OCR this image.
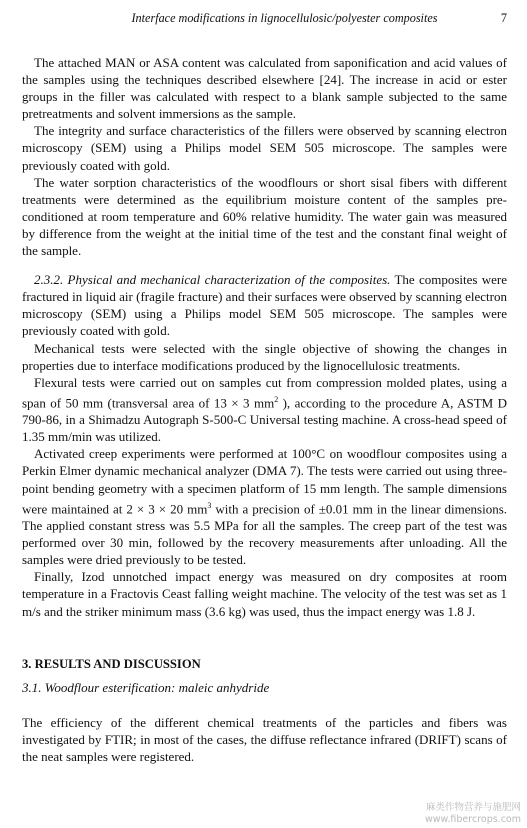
Interface modifications in lignocellulosic/polyester composites	7

The attached MAN or ASA content was calculated from saponification and acid values of the samples using the techniques described elsewhere [24]. The increase in acid or ester groups in the filler was calculated with respect to a blank sample subjected to the same pretreatments and solvent immersions as the sample.

The integrity and surface characteristics of the fillers were observed by scanning electron microscopy (SEM) using a Philips model SEM 505 microscope. The samples were previously coated with gold.

The water sorption characteristics of the woodflours or short sisal fibers with different treatments were determined as the equilibrium moisture content of the samples pre-conditioned at room temperature and 60% relative humidity. The water gain was measured by difference from the weight at the initial time of the test and the constant final weight of the sample.

2.3.2. Physical and mechanical characterization of the composites. The composites were fractured in liquid air (fragile fracture) and their surfaces were observed by scanning electron microscopy (SEM) using a Philips model SEM 505 microscope. The samples were previously coated with gold.

Mechanical tests were selected with the single objective of showing the changes in properties due to interface modifications produced by the lignocellulosic treatments.

Flexural tests were carried out on samples cut from compression molded plates, using a span of 50 mm (transversal area of 13 × 3 $mm^2$ ), according to the procedure A, ASTM D 790-86, in a Shimadzu Autograph S-500-C Universal testing machine. A cross-head speed of 1.35 mm/min was utilized.

Activated creep experiments were performed at 100°C on woodflour composites using a Perkin Elmer dynamic mechanical analyzer (DMA 7). The tests were carried out using three-point bending geometry with a specimen platform of 15 mm length. The sample dimensions were maintained at 2 × 3 × 20 $mm^3$ with a precision of ±0.01 mm in the linear dimensions. The applied constant stress was 5.5 MPa for all the samples. The creep part of the test was performed over 30 min, followed by the recovery measurements after unloading. All the samples were dried previously to be tested.

Finally, Izod unnotched impact energy was measured on dry composites at room temperature in a Fractovis Ceast falling weight machine. The velocity of the test was set as 1 m/s and the striker minimum mass (3.6 kg) was used, thus the impact energy was 1.8 J.

3. RESULTS AND DISCUSSION
3.1. Woodflour esterification: maleic anhydride

The efficiency of the different chemical treatments of the particles and fibers was investigated by FTIR; in most of the cases, the diffuse reflectance infrared (DRIFT) scans of the neat samples were registered.

麻类作物营养与施肥网
www.fibercrops.com
